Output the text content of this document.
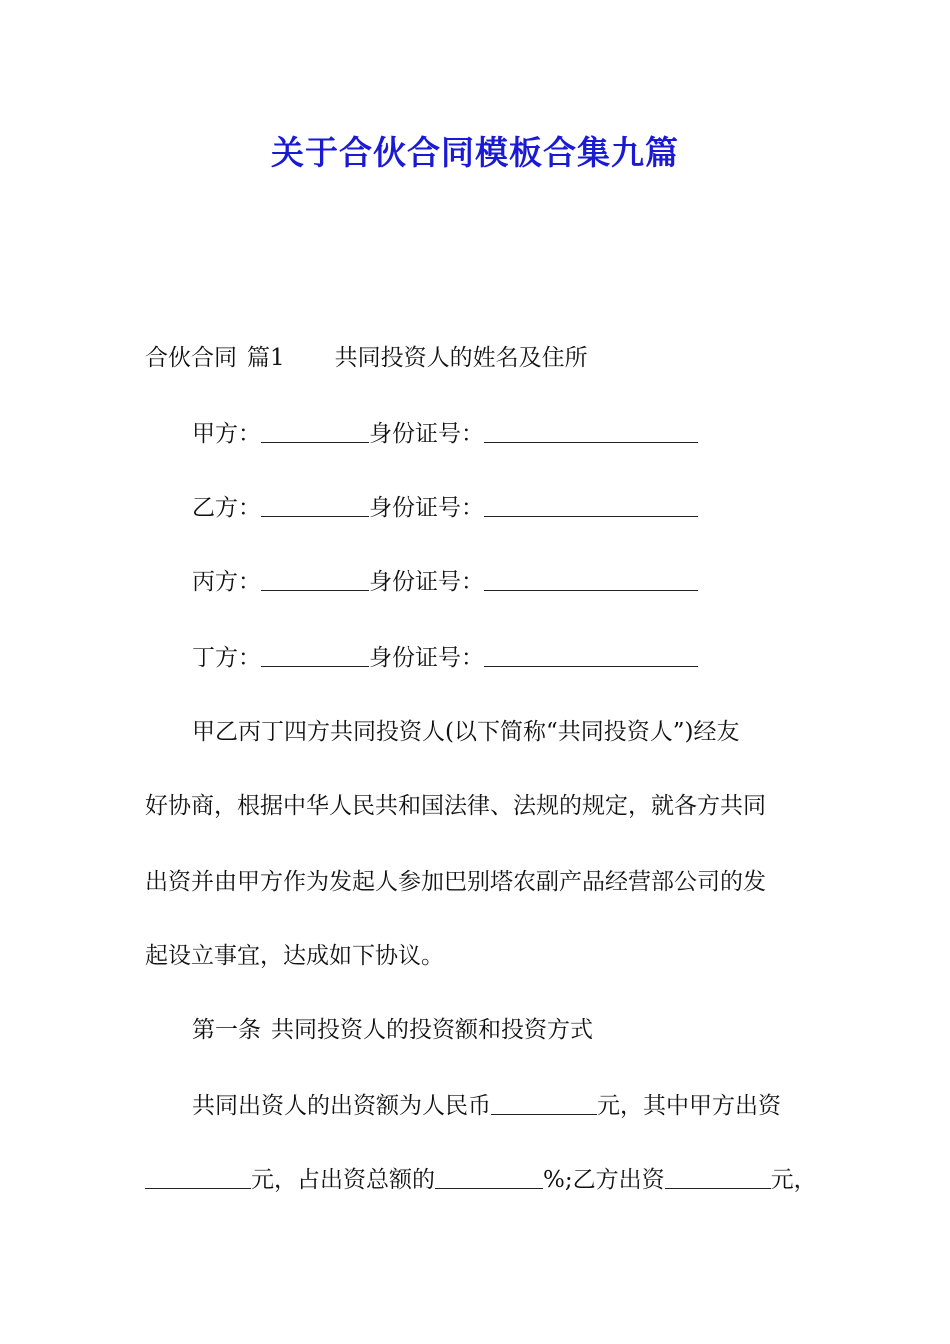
关于合伙合同模板合集九篇
合伙合同 篇1 共同投资人的姓名及住所
甲方：	身份证号：
乙方：	身份证号：
丙方：	身份证号：
丁方：	身份证号：
甲乙丙丁四方共同投资人(以下简称“共同投资人”)经友
好协商，根据中华人民共和国法律、法规的规定，就各方共同
出资并由甲方作为发起人参加巴别塔农副产品经营部公司的发
起设立事宜，达成如下协议。
第一条 共同投资人的投资额和投资方式
共同出资人的出资额为人民币	元，其中甲方出资
元，占出资总额的	%;乙方出资	元，
